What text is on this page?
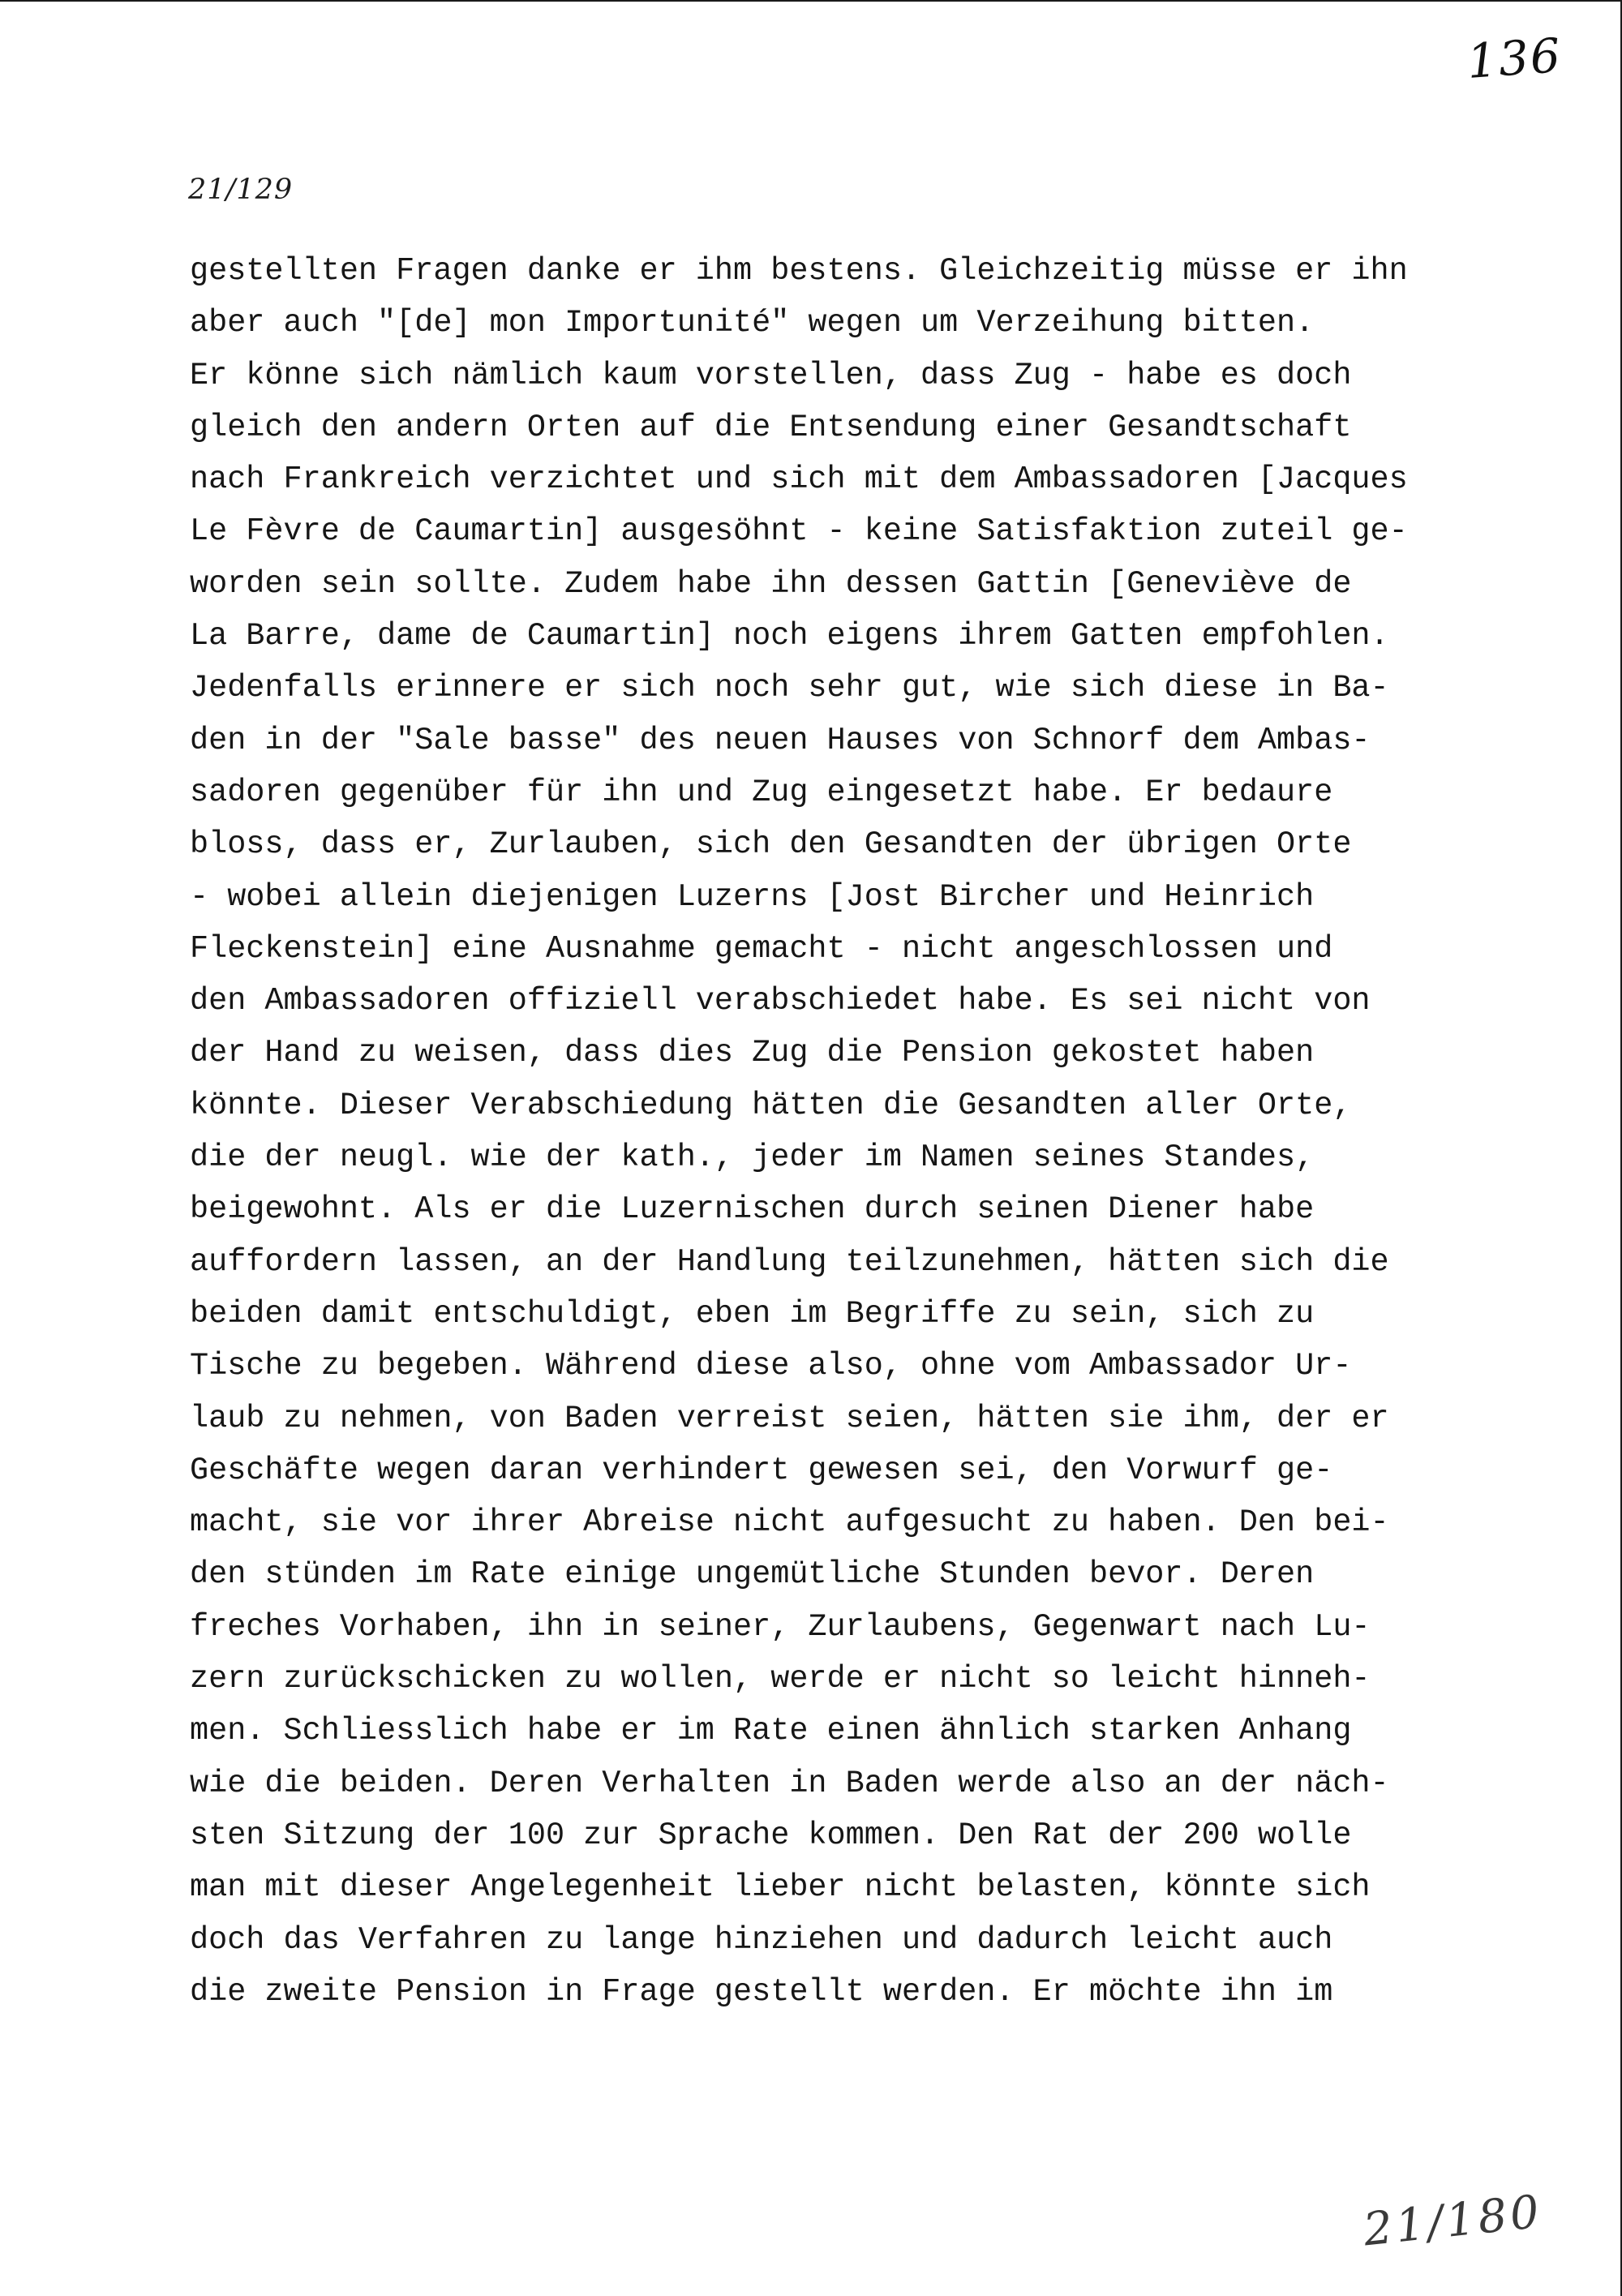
136
21/129
gestellten Fragen danke er ihm bestens. Gleichzeitig müsse er ihn
aber auch "[de] mon Importunité" wegen um Verzeihung bitten.
Er könne sich nämlich kaum vorstellen, dass Zug - habe es doch
gleich den andern Orten auf die Entsendung einer Gesandtschaft
nach Frankreich verzichtet und sich mit dem Ambassadoren [Jacques
Le Fèvre de Caumartin] ausgesöhnt - keine Satisfaktion zuteil ge-
worden sein sollte. Zudem habe ihn dessen Gattin [Geneviève de
La Barre, dame de Caumartin] noch eigens ihrem Gatten empfohlen.
Jedenfalls erinnere er sich noch sehr gut, wie sich diese in Ba-
den in der "Sale basse" des neuen Hauses von Schnorf dem Ambas-
sadoren gegenüber für ihn und Zug eingesetzt habe. Er bedaure
bloss, dass er, Zurlauben, sich den Gesandten der übrigen Orte
- wobei allein diejenigen Luzerns [Jost Bircher und Heinrich
Fleckenstein] eine Ausnahme gemacht - nicht angeschlossen und
den Ambassadoren offiziell verabschiedet habe. Es sei nicht von
der Hand zu weisen, dass dies Zug die Pension gekostet haben
könnte. Dieser Verabschiedung hätten die Gesandten aller Orte,
die der neugl. wie der kath., jeder im Namen seines Standes,
beigewohnt. Als er die Luzernischen durch seinen Diener habe
auffordern lassen, an der Handlung teilzunehmen, hätten sich die
beiden damit entschuldigt, eben im Begriffe zu sein, sich zu
Tische zu begeben. Während diese also, ohne vom Ambassador Ur-
laub zu nehmen, von Baden verreist seien, hätten sie ihm, der er
Geschäfte wegen daran verhindert gewesen sei, den Vorwurf ge-
macht, sie vor ihrer Abreise nicht aufgesucht zu haben. Den bei-
den stünden im Rate einige ungemütliche Stunden bevor. Deren
freches Vorhaben, ihn in seiner, Zurlaubens, Gegenwart nach Lu-
zern zurückschicken zu wollen, werde er nicht so leicht hinneh-
men. Schliesslich habe er im Rate einen ähnlich starken Anhang
wie die beiden. Deren Verhalten in Baden werde also an der näch-
sten Sitzung der 100 zur Sprache kommen. Den Rat der 200 wolle
man mit dieser Angelegenheit lieber nicht belasten, könnte sich
doch das Verfahren zu lange hinziehen und dadurch leicht auch
die zweite Pension in Frage gestellt werden. Er möchte ihn im
21/180
